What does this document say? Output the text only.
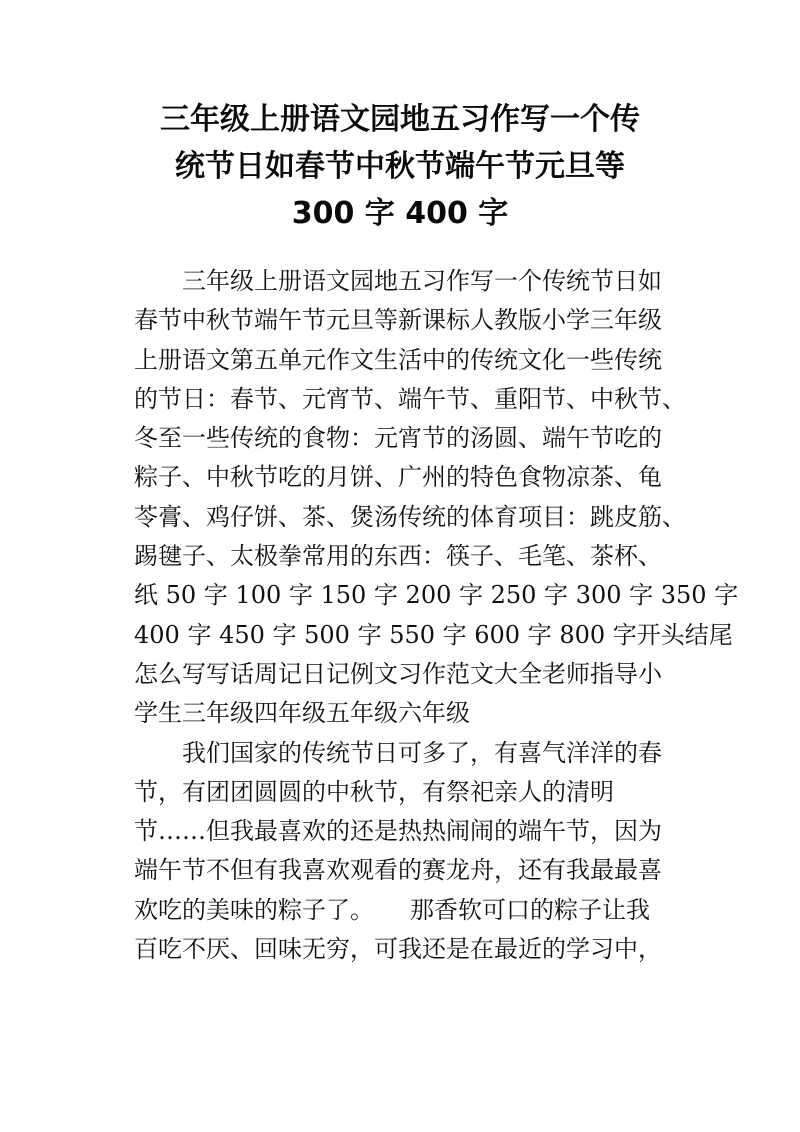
三年级上册语文园地五习作写一个传
统节日如春节中秋节端午节元旦等
300 字 400 字
三年级上册语文园地五习作写一个传统节日如
春节中秋节端午节元旦等新课标人教版小学三年级
上册语文第五单元作文生活中的传统文化一些传统
的节日：春节、元宵节、端午节、重阳节、中秋节、
冬至一些传统的食物：元宵节的汤圆、端午节吃的
粽子、中秋节吃的月饼、广州的特色食物凉茶、龟
苓膏、鸡仔饼、茶、煲汤传统的体育项目：跳皮筋、
踢毽子、太极拳常用的东西：筷子、毛笔、茶杯、
纸 50 字 100 字 150 字 200 字 250 字 300 字 350 字
400 字 450 字 500 字 550 字 600 字 800 字开头结尾
怎么写写话周记日记例文习作范文大全老师指导小
学生三年级四年级五年级六年级
我们国家的传统节日可多了，有喜气洋洋的春
节，有团团圆圆的中秋节，有祭祀亲人的清明
节……但我最喜欢的还是热热闹闹的端午节，因为
端午节不但有我喜欢观看的赛龙舟，还有我最最喜
欢吃的美味的粽子了。　　那香软可口的粽子让我
百吃不厌、回味无穷，可我还是在最近的学习中，
